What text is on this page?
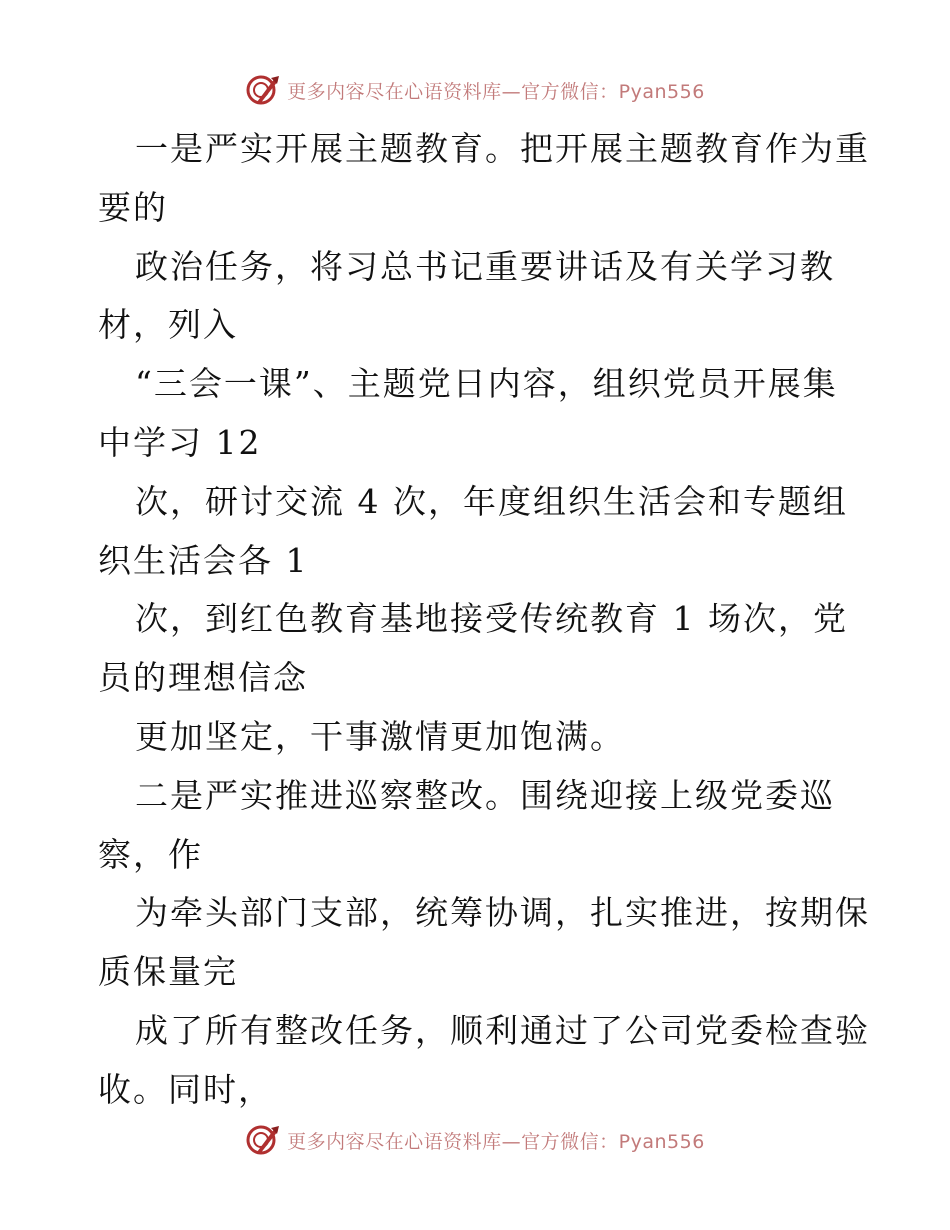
更多内容尽在心语资料库—官方微信：Pyan556
一是严实开展主题教育。把开展主题教育作为重
要的
政治任务，将习总书记重要讲话及有关学习教
材，列入
“三会一课”、主题党日内容，组织党员开展集
中学习 12
次，研讨交流 4 次，年度组织生活会和专题组
织生活会各 1
次，到红色教育基地接受传统教育 1 场次，党
员的理想信念
更加坚定，干事激情更加饱满。
二是严实推进巡察整改。围绕迎接上级党委巡
察，作
为牵头部门支部，统筹协调，扎实推进，按期保
质保量完
成了所有整改任务，顺利通过了公司党委检查验
收。同时，
更多内容尽在心语资料库—官方微信：Pyan556
